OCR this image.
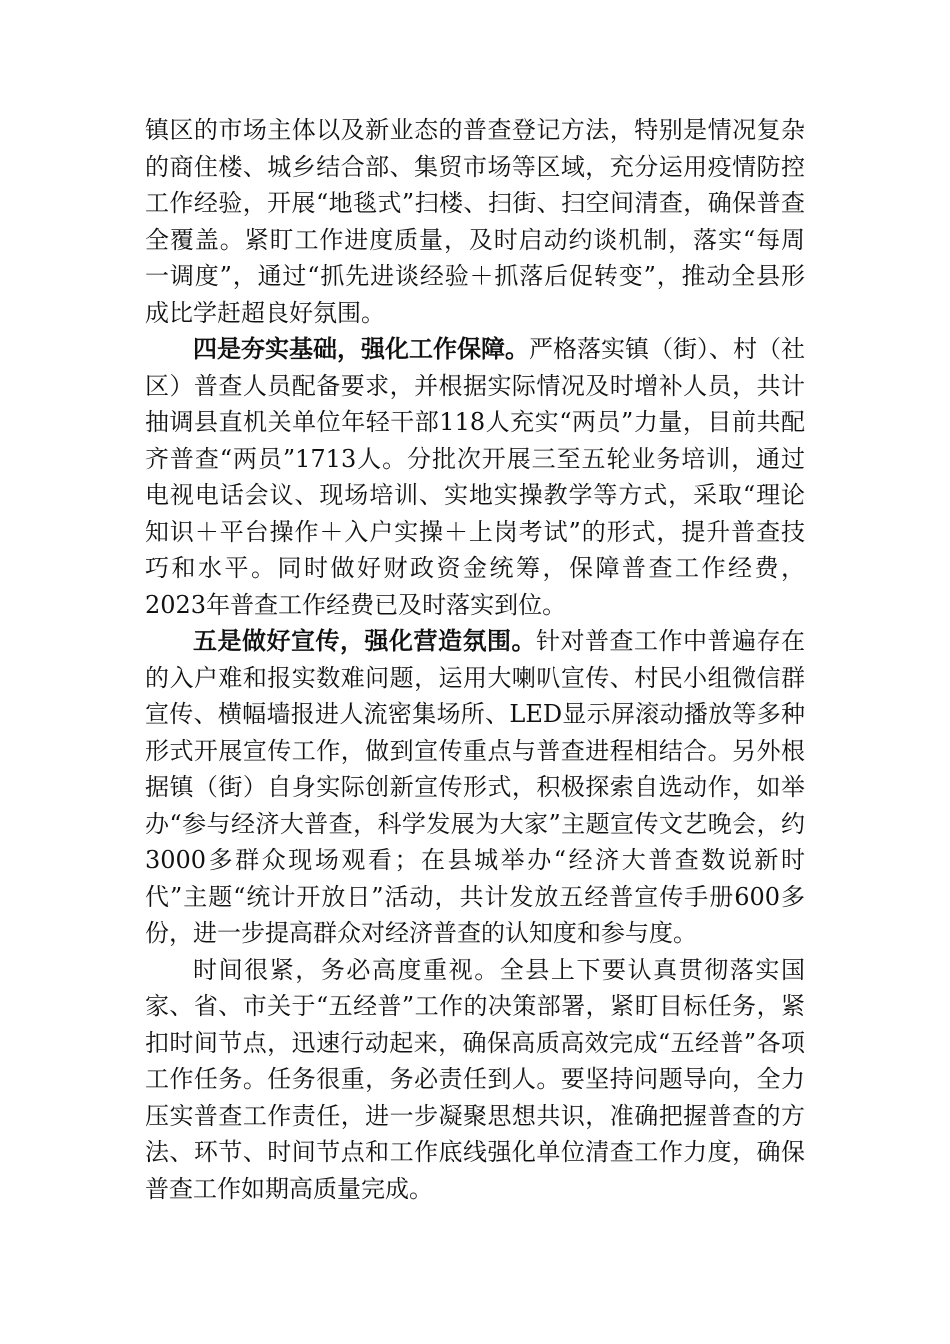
镇区的市场主体以及新业态的普查登记方法，特别是情况复杂的商住楼、城乡结合部、集贸市场等区域，充分运用疫情防控工作经验，开展“地毯式”扫楼、扫街、扫空间清查，确保普查全覆盖。紧盯工作进度质量，及时启动约谈机制，落实“每周一调度”，通过“抓先进谈经验＋抓落后促转变”，推动全县形成比学赶超良好氛围。

四是夯实基础，强化工作保障。严格落实镇（街）、村（社区）普查人员配备要求，并根据实际情况及时增补人员，共计抽调县直机关单位年轻干部118人充实“两员”力量，目前共配齐普查“两员”1713人。分批次开展三至五轮业务培训，通过电视电话会议、现场培训、实地实操教学等方式，采取“理论知识＋平台操作＋入户实操＋上岗考试”的形式，提升普查技巧和水平。同时做好财政资金统筹，保障普查工作经费，2023年普查工作经费已及时落实到位。

五是做好宣传，强化营造氛围。针对普查工作中普遍存在的入户难和报实数难问题，运用大喇叭宣传、村民小组微信群宣传、横幅墙报进人流密集场所、LED显示屏滚动播放等多种形式开展宣传工作，做到宣传重点与普查进程相结合。另外根据镇（街）自身实际创新宣传形式，积极探索自选动作，如举办“参与经济大普查，科学发展为大家”主题宣传文艺晚会，约3000多群众现场观看；在县城举办“经济大普查数说新时代”主题“统计开放日”活动，共计发放五经普宣传手册600多份，进一步提高群众对经济普查的认知度和参与度。

时间很紧，务必高度重视。全县上下要认真贯彻落实国家、省、市关于“五经普”工作的决策部署，紧盯目标任务，紧扣时间节点，迅速行动起来，确保高质高效完成“五经普”各项工作任务。任务很重，务必责任到人。要坚持问题导向，全力压实普查工作责任，进一步凝聚思想共识，准确把握普查的方法、环节、时间节点和工作底线强化单位清查工作力度，确保普查工作如期高质量完成。
